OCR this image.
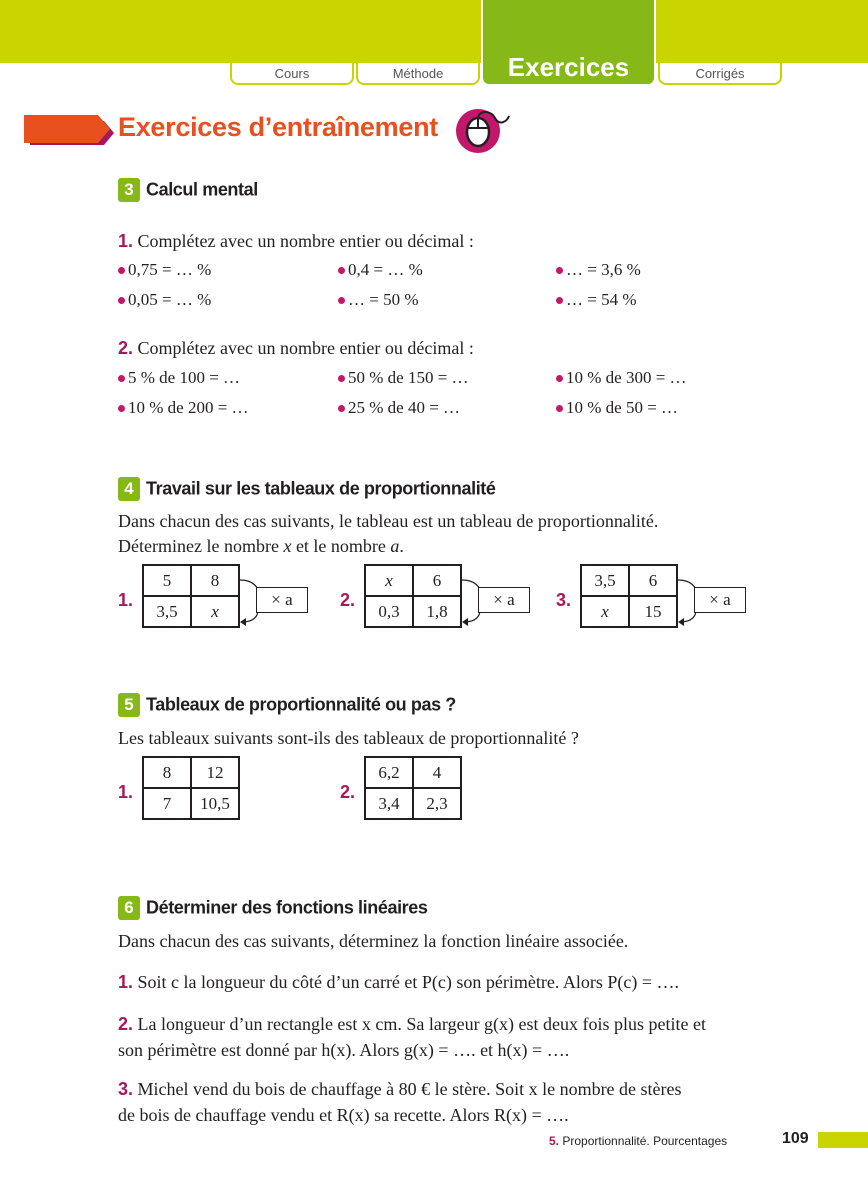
Cours	Méthode	Exercices	Corrigés
Exercices d’entraînement
3 Calcul mental
1. Complétez avec un nombre entier ou décimal :
0,75 = … %	0,4 = … %	… = 3,6 %
0,05 = … %	… = 50 %	… = 54 %
2. Complétez avec un nombre entier ou décimal :
5 % de 100 = …	50 % de 150 = …	10 % de 300 = …
10 % de 200 = …	25 % de 40 = …	10 % de 50 = …
4 Travail sur les tableaux de proportionnalité
Dans chacun des cas suivants, le tableau est un tableau de proportionnalité.
Déterminez le nombre x et le nombre a.
1.
5	8
3,5	x
× a	2.
x	6
0,3	1,8
× a	3.
3,5	6
x	15
× a
5 Tableaux de proportionnalité ou pas ?
Les tableaux suivants sont-ils des tableaux de proportionnalité ?
1.
8	12
7	10,5
2.
6,2	4
3,4	2,3
6 Déterminer des fonctions linéaires
Dans chacun des cas suivants, déterminez la fonction linéaire associée.
1. Soit c la longueur du côté d’un carré et P(c) son périmètre. Alors P(c) = ….
2. La longueur d’un rectangle est x cm. Sa largeur g(x) est deux fois plus petite et
son périmètre est donné par h(x). Alors g(x) = …. et h(x) = ….
3. Michel vend du bois de chauffage à 80 € le stère. Soit x le nombre de stères
de bois de chauffage vendu et R(x) sa recette. Alors R(x) = ….
5. Proportionnalité. Pourcentages	109
